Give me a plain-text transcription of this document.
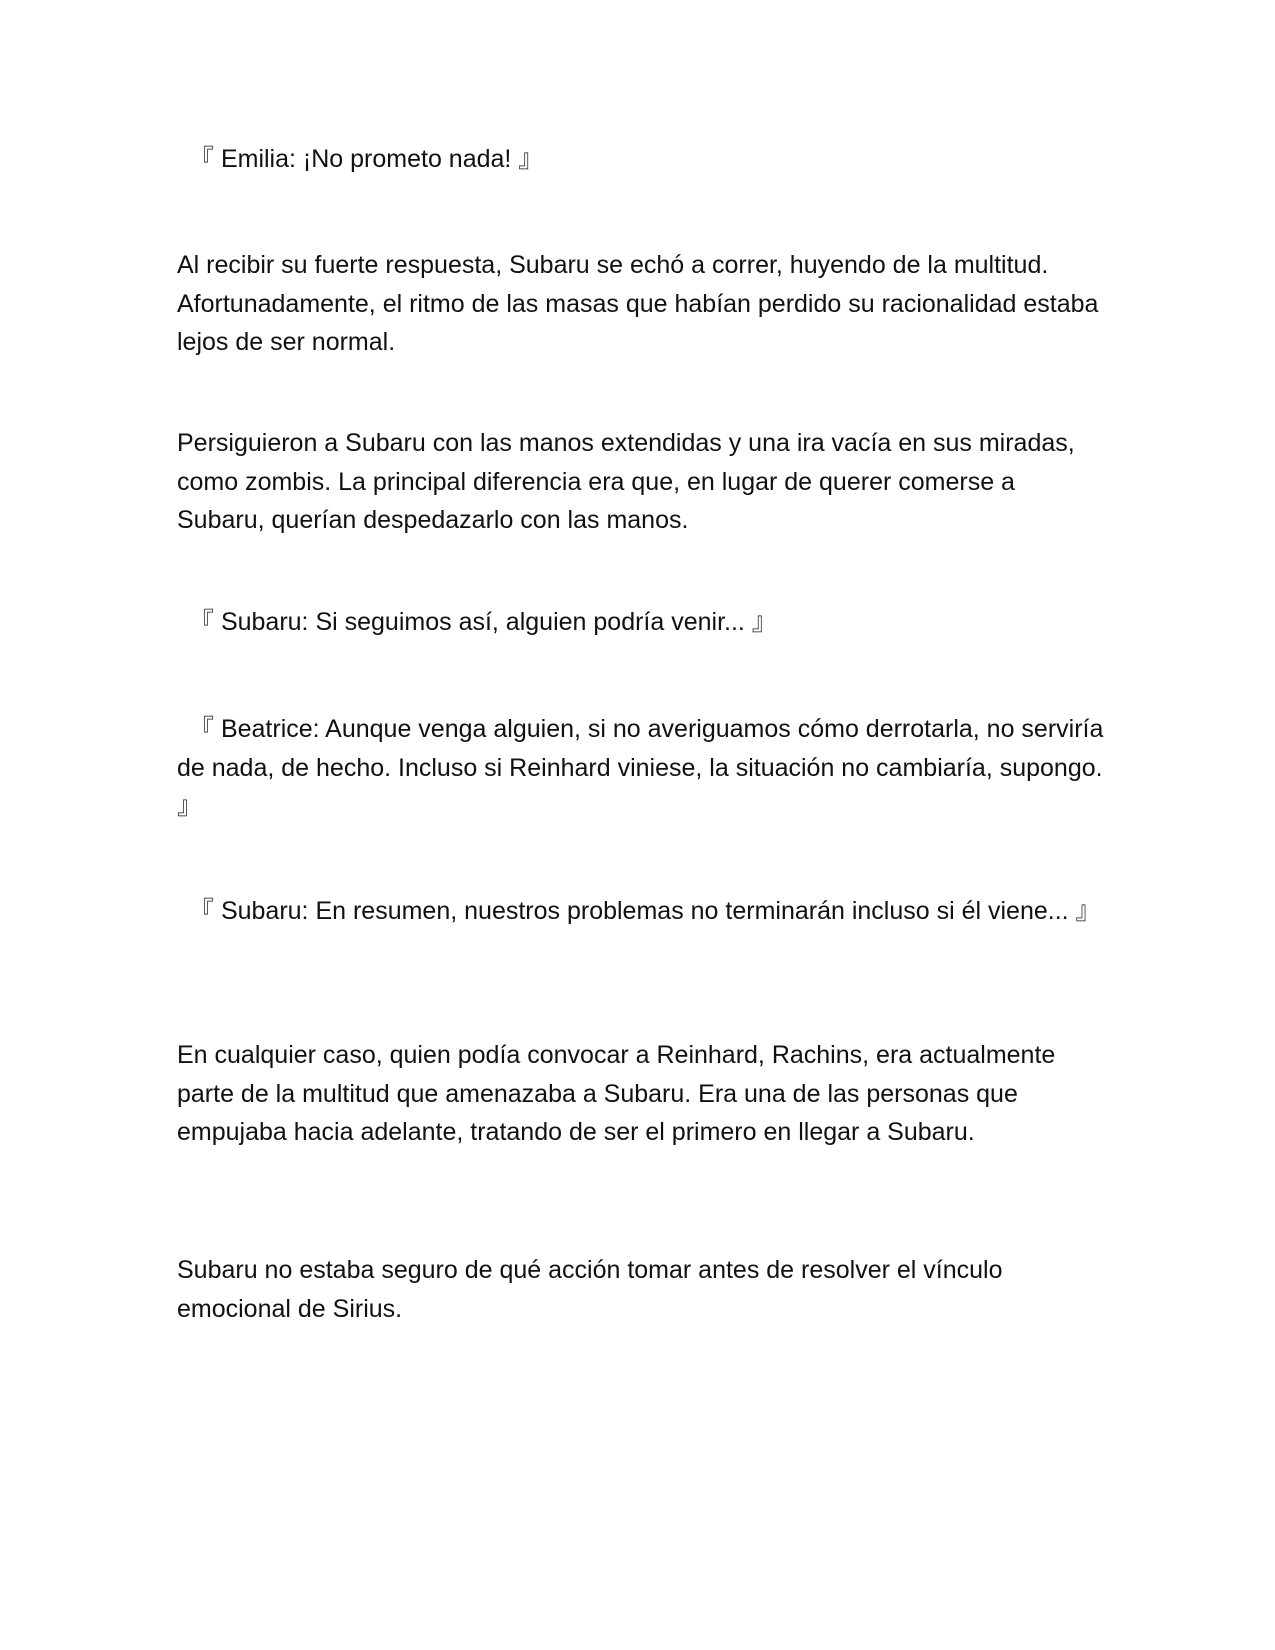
『 Emilia: ¡No prometo nada! 』

Al recibir su fuerte respuesta, Subaru se echó a correr, huyendo de la multitud. Afortunadamente, el ritmo de las masas que habían perdido su racionalidad estaba lejos de ser normal.

Persiguieron a Subaru con las manos extendidas y una ira vacía en sus miradas, como zombis. La principal diferencia era que, en lugar de querer comerse a Subaru, querían despedazarlo con las manos.

『 Subaru: Si seguimos así, alguien podría venir... 』

『 Beatrice: Aunque venga alguien, si no averiguamos cómo derrotarla, no serviría de nada, de hecho. Incluso si Reinhard viniese, la situación no cambiaría, supongo. 』

『 Subaru: En resumen, nuestros problemas no terminarán incluso si él viene... 』

En cualquier caso, quien podía convocar a Reinhard, Rachins, era actualmente parte de la multitud que amenazaba a Subaru. Era una de las personas que empujaba hacia adelante, tratando de ser el primero en llegar a Subaru.

Subaru no estaba seguro de qué acción tomar antes de resolver el vínculo emocional de Sirius.
